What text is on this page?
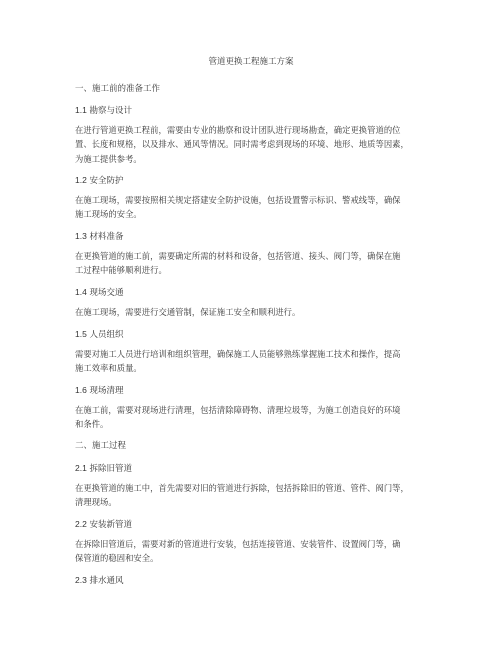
管道更换工程施工方案
一、施工前的准备工作
1.1 勘察与设计
在进行管道更换工程前，需要由专业的勘察和设计团队进行现场勘查，确定更换管道的位
置、长度和规格，以及排水、通风等情况。同时需考虑到现场的环境、地形、地质等因素，
为施工提供参考。
1.2 安全防护
在施工现场，需要按照相关规定搭建安全防护设施，包括设置警示标识、警戒线等，确保
施工现场的安全。
1.3 材料准备
在更换管道的施工前，需要确定所需的材料和设备，包括管道、接头、阀门等，确保在施
工过程中能够顺利进行。
1.4 现场交通
在施工现场，需要进行交通管制，保证施工安全和顺利进行。
1.5 人员组织
需要对施工人员进行培训和组织管理，确保施工人员能够熟练掌握施工技术和操作，提高
施工效率和质量。
1.6 现场清理
在施工前，需要对现场进行清理，包括清除障碍物、清理垃圾等，为施工创造良好的环境
和条件。
二、施工过程
2.1 拆除旧管道
在更换管道的施工中，首先需要对旧的管道进行拆除，包括拆除旧的管道、管件、阀门等，
清理现场。
2.2 安装新管道
在拆除旧管道后，需要对新的管道进行安装，包括连接管道、安装管件、设置阀门等，确
保管道的稳固和安全。
2.3 排水通风
